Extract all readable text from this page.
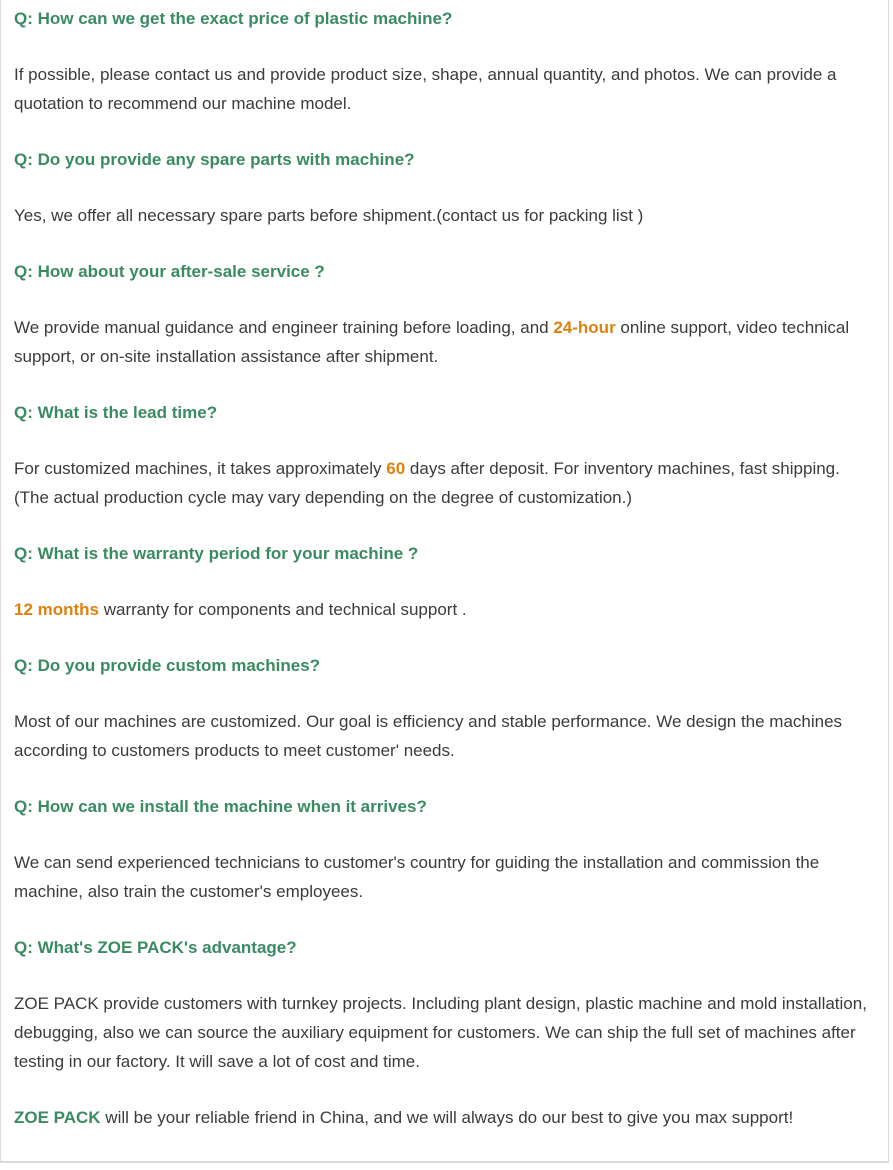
Q: How can we get the exact price of plastic machine?

If possible, please contact us and provide product size, shape, annual quantity, and photos. We can provide a quotation to recommend our machine model.

Q: Do you provide any spare parts with machine?

Yes, we offer all necessary spare parts before shipment.(contact us for packing list )

Q: How about your after-sale service ?

We provide manual guidance and engineer training before loading, and 24-hour online support, video technical support, or on-site installation assistance after shipment.

Q: What is the lead time?

For customized machines, it takes approximately 60 days after deposit. For inventory machines, fast shipping. (The actual production cycle may vary depending on the degree of customization.)

Q: What is the warranty period for your machine ?

12 months warranty for components and technical support .

Q: Do you provide custom machines?

Most of our machines are customized. Our goal is efficiency and stable performance. We design the machines according to customers products to meet customer' needs.

Q: How can we install the machine when it arrives?

We can send experienced technicians to customer's country for guiding the installation and commission the machine, also train the customer's employees.

Q: What's ZOE PACK's advantage?

ZOE PACK provide customers with turnkey projects. Including plant design, plastic machine and mold installation, debugging, also we can source the auxiliary equipment for customers. We can ship the full set of machines after testing in our factory. It will save a lot of cost and time.

ZOE PACK will be your reliable friend in China, and we will always do our best to give you max support!
